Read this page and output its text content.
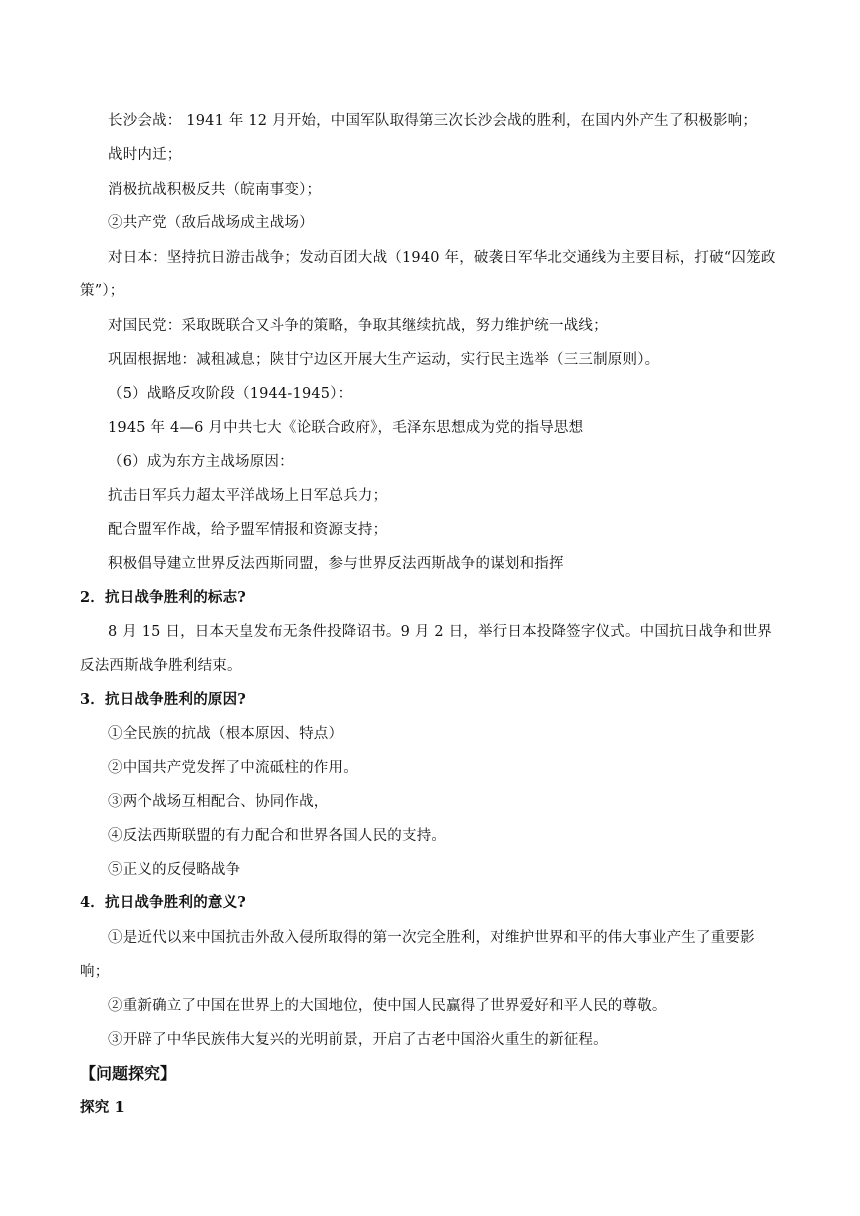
长沙会战： 1941 年 12 月开始，中国军队取得第三次长沙会战的胜利，在国内外产生了积极影响；
战时内迁；
消极抗战积极反共（皖南事变）；
②共产党（敌后战场成主战场）
对日本：坚持抗日游击战争；发动百团大战（1940 年，破袭日军华北交通线为主要目标，打破“囚笼政
策”）；
对国民党：采取既联合又斗争的策略，争取其继续抗战，努力维护统一战线；
巩固根据地：减租减息；陕甘宁边区开展大生产运动，实行民主选举（三三制原则）。
（5）战略反攻阶段（1944-1945）：
1945 年 4—6 月中共七大《论联合政府》，毛泽东思想成为党的指导思想
（6）成为东方主战场原因：
抗击日军兵力超太平洋战场上日军总兵力；
配合盟军作战，给予盟军情报和资源支持；
积极倡导建立世界反法西斯同盟，参与世界反法西斯战争的谋划和指挥
2．抗日战争胜利的标志?
8 月 15 日，日本天皇发布无条件投降诏书。9 月 2 日，举行日本投降签字仪式。中国抗日战争和世界
反法西斯战争胜利结束。
3．抗日战争胜利的原因?
①全民族的抗战（根本原因、特点）
②中国共产党发挥了中流砥柱的作用。
③两个战场互相配合、协同作战，
④反法西斯联盟的有力配合和世界各国人民的支持。
⑤正义的反侵略战争
4．抗日战争胜利的意义?
①是近代以来中国抗击外敌入侵所取得的第一次完全胜利，对维护世界和平的伟大事业产生了重要影
响；
②重新确立了中国在世界上的大国地位，使中国人民赢得了世界爱好和平人民的尊敬。
③开辟了中华民族伟大复兴的光明前景，开启了古老中国浴火重生的新征程。
【问题探究】
探究 1
